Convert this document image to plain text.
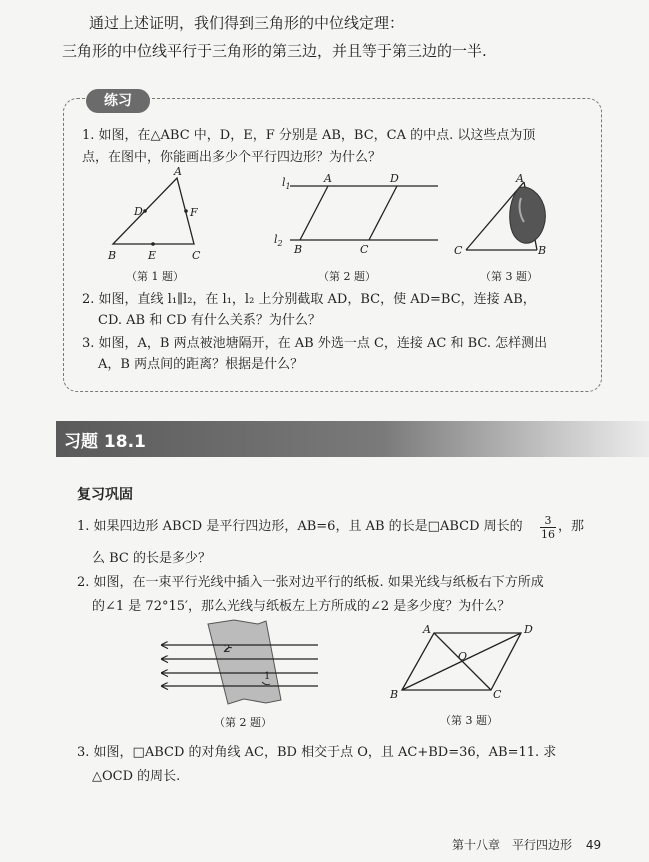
通过上述证明，我们得到三角形的中位线定理：
三角形的中位线平行于三角形的第三边，并且等于第三边的一半.
练习
1. 如图，在△ABC 中，D，E，F 分别是 AB，BC，CA 的中点. 以这些点为顶
点，在图中，你能画出多少个平行四边形？为什么？
A
D	F
B	E	C
（第 1 题）
$l_1$
A	D
$l_2$ B	C
（第 2 题）
A
C	B
（第 3 题）
2. 如图，直线 l₁∥l₂，在 l₁，l₂ 上分别截取 AD，BC，使 AD=BC，连接 AB，
CD. AB 和 CD 有什么关系？为什么？
3. 如图，A，B 两点被池塘隔开，在 AB 外选一点 C，连接 AC 和 BC. 怎样测出
A，B 两点间的距离？根据是什么？
习题 18.1
复习巩固
1. 如果四边形 ABCD 是平行四边形，AB=6，且 AB 的长是□ABCD 周长的 $\frac{3}{16}$ ，那
么 BC 的长是多少？
2. 如图，在一束平行光线中插入一张对边平行的纸板. 如果光线与纸板右下方所成
的∠1 是 72°15′，那么光线与纸板左上方所成的∠2 是多少度？为什么？
2
1
（第 2 题）
A	D
O
B	C
（第 3 题）
3. 如图，□ABCD 的对角线 AC，BD 相交于点 O，且 AC+BD=36，AB=11. 求
△OCD 的周长.
第十八章　平行四边形 49
